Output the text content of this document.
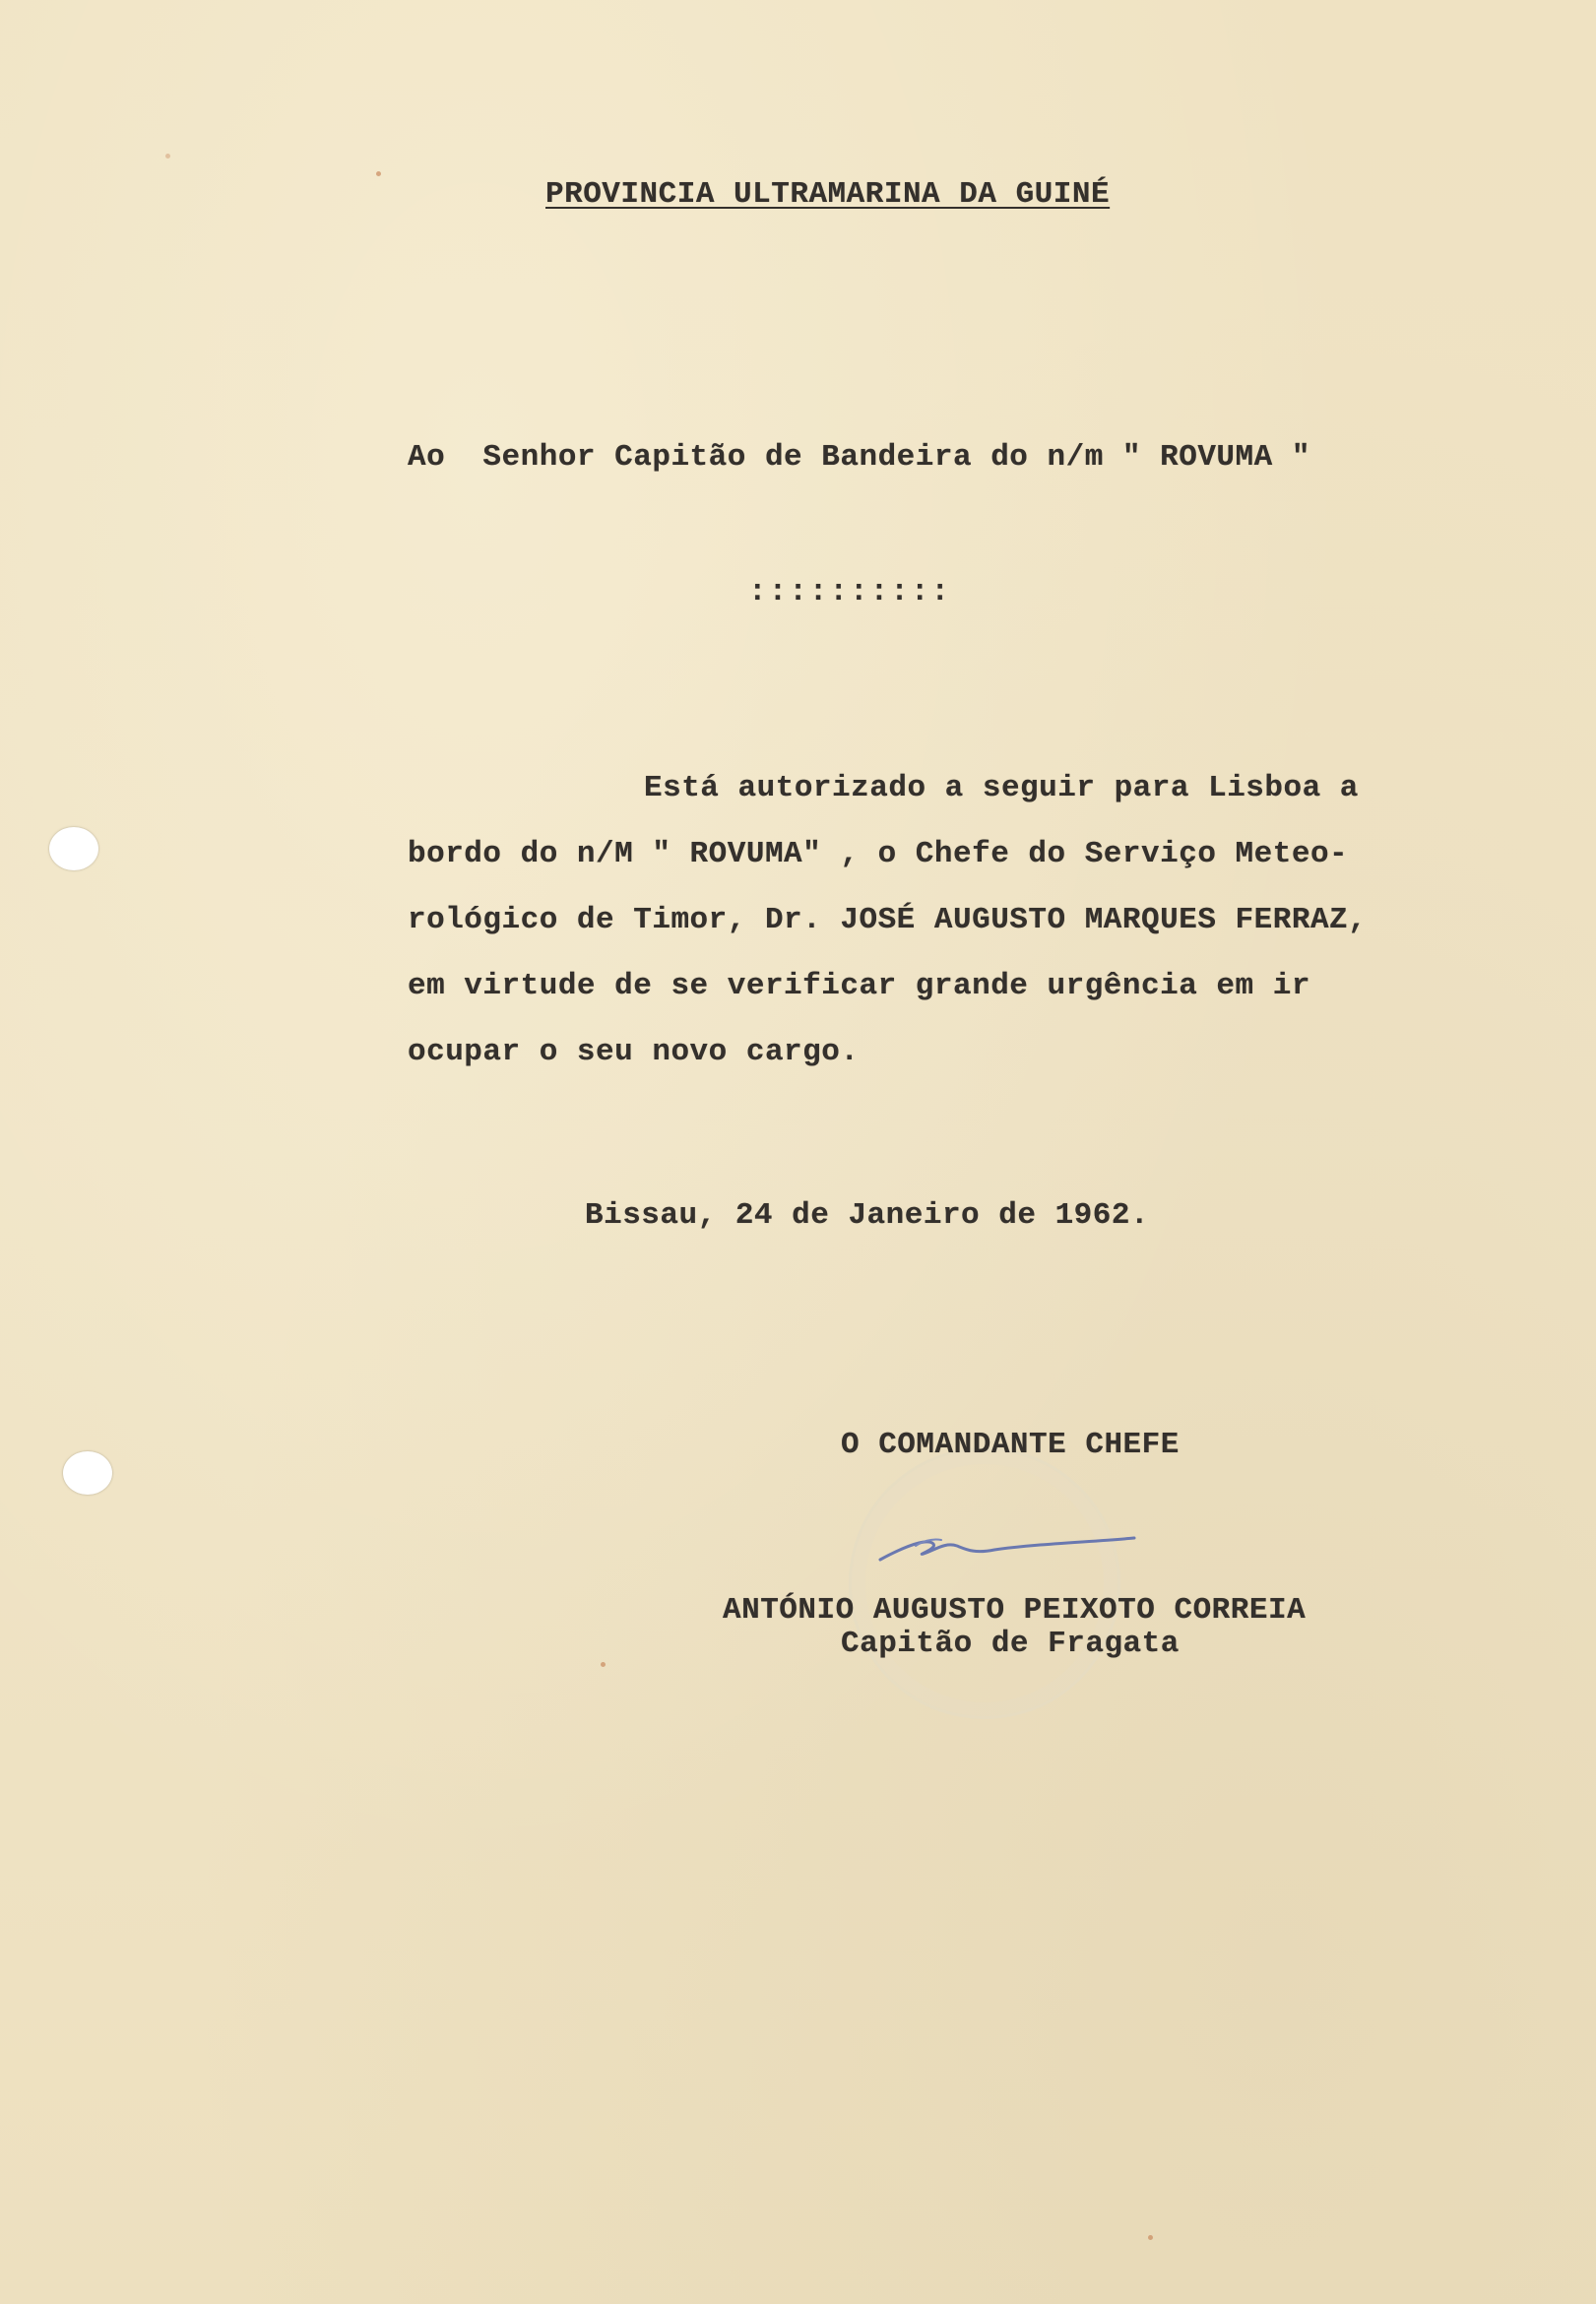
PROVINCIA ULTRAMARINA DA GUINÉ
Ao  Senhor Capitão de Bandeira do n/m " ROVUMA "
::::::::::
Está autorizado a seguir para Lisboa a
bordo do n/M " ROVUMA" , o Chefe do Serviço Meteo-
rológico de Timor, Dr. JOSÉ AUGUSTO MARQUES FERRAZ,
em virtude de se verificar grande urgência em ir
ocupar o seu novo cargo.
Bissau, 24 de Janeiro de 1962.
O COMANDANTE CHEFE
ANTÓNIO AUGUSTO PEIXOTO CORREIA
Capitão de Fragata
